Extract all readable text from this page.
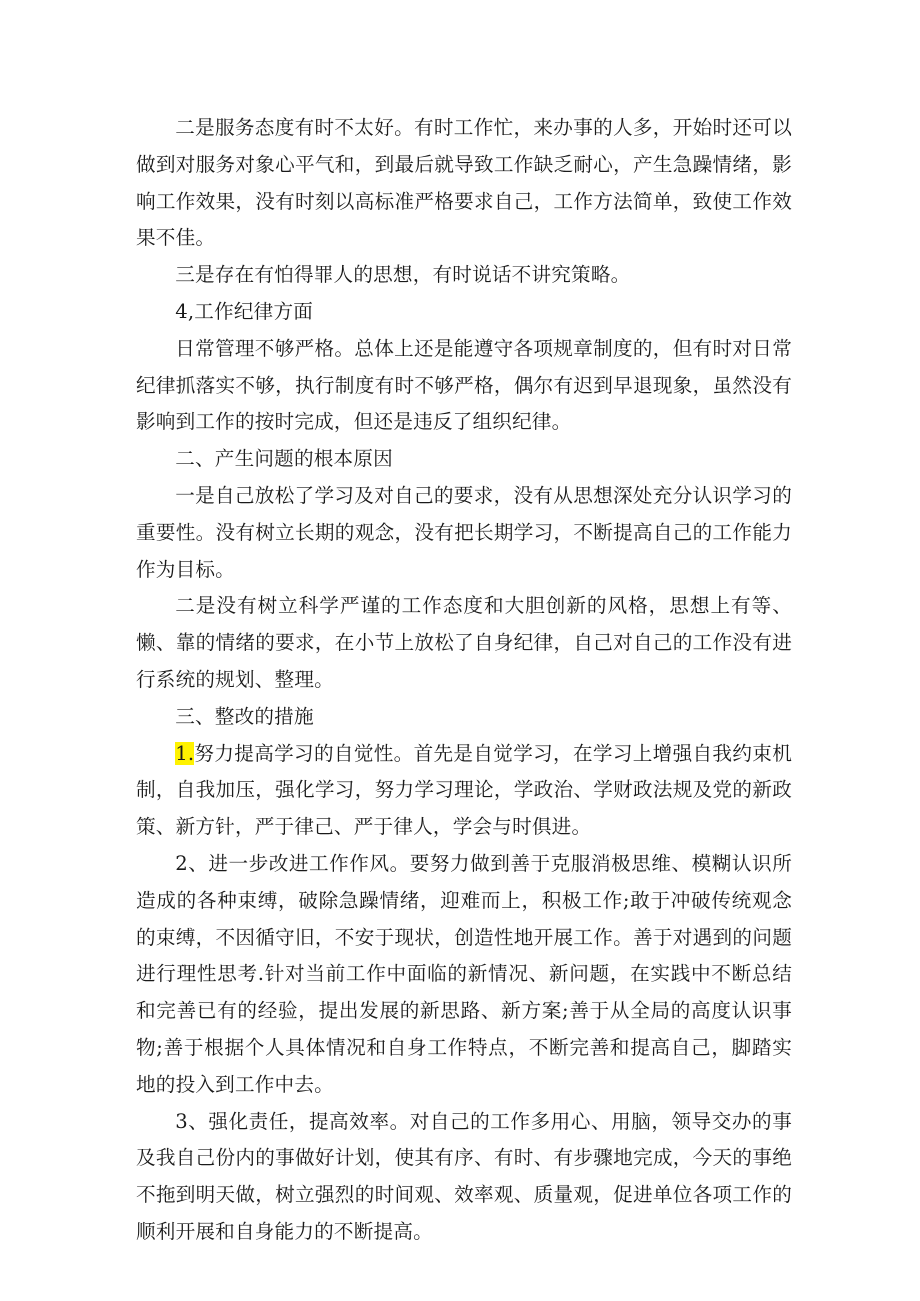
二是服务态度有时不太好。有时工作忙，来办事的人多，开始时还可以做到对服务对象心平气和，到最后就导致工作缺乏耐心，产生急躁情绪，影响工作效果，没有时刻以高标准严格要求自己，工作方法简单，致使工作效果不佳。

三是存在有怕得罪人的思想，有时说话不讲究策略。

4,工作纪律方面

日常管理不够严格。总体上还是能遵守各项规章制度的，但有时对日常纪律抓落实不够，执行制度有时不够严格，偶尔有迟到早退现象，虽然没有影响到工作的按时完成，但还是违反了组织纪律。

二、产生问题的根本原因

一是自己放松了学习及对自己的要求，没有从思想深处充分认识学习的重要性。没有树立长期的观念，没有把长期学习，不断提高自己的工作能力作为目标。

二是没有树立科学严谨的工作态度和大胆创新的风格，思想上有等、懒、靠的情绪的要求，在小节上放松了自身纪律，自己对自己的工作没有进行系统的规划、整理。

三、整改的措施

1.努力提高学习的自觉性。首先是自觉学习，在学习上增强自我约束机制，自我加压，强化学习，努力学习理论，学政治、学财政法规及党的新政策、新方针，严于律己、严于律人，学会与时俱进。

2、进一步改进工作作风。要努力做到善于克服消极思维、模糊认识所造成的各种束缚，破除急躁情绪，迎难而上，积极工作;敢于冲破传统观念的束缚，不因循守旧，不安于现状，创造性地开展工作。善于对遇到的问题进行理性思考.针对当前工作中面临的新情况、新问题，在实践中不断总结和完善已有的经验，提出发展的新思路、新方案;善于从全局的高度认识事物;善于根据个人具体情况和自身工作特点，不断完善和提高自己，脚踏实地的投入到工作中去。

3、强化责任，提高效率。对自己的工作多用心、用脑，领导交办的事及我自己份内的事做好计划，使其有序、有时、有步骤地完成，今天的事绝不拖到明天做，树立强烈的时间观、效率观、质量观，促进单位各项工作的顺利开展和自身能力的不断提高。
